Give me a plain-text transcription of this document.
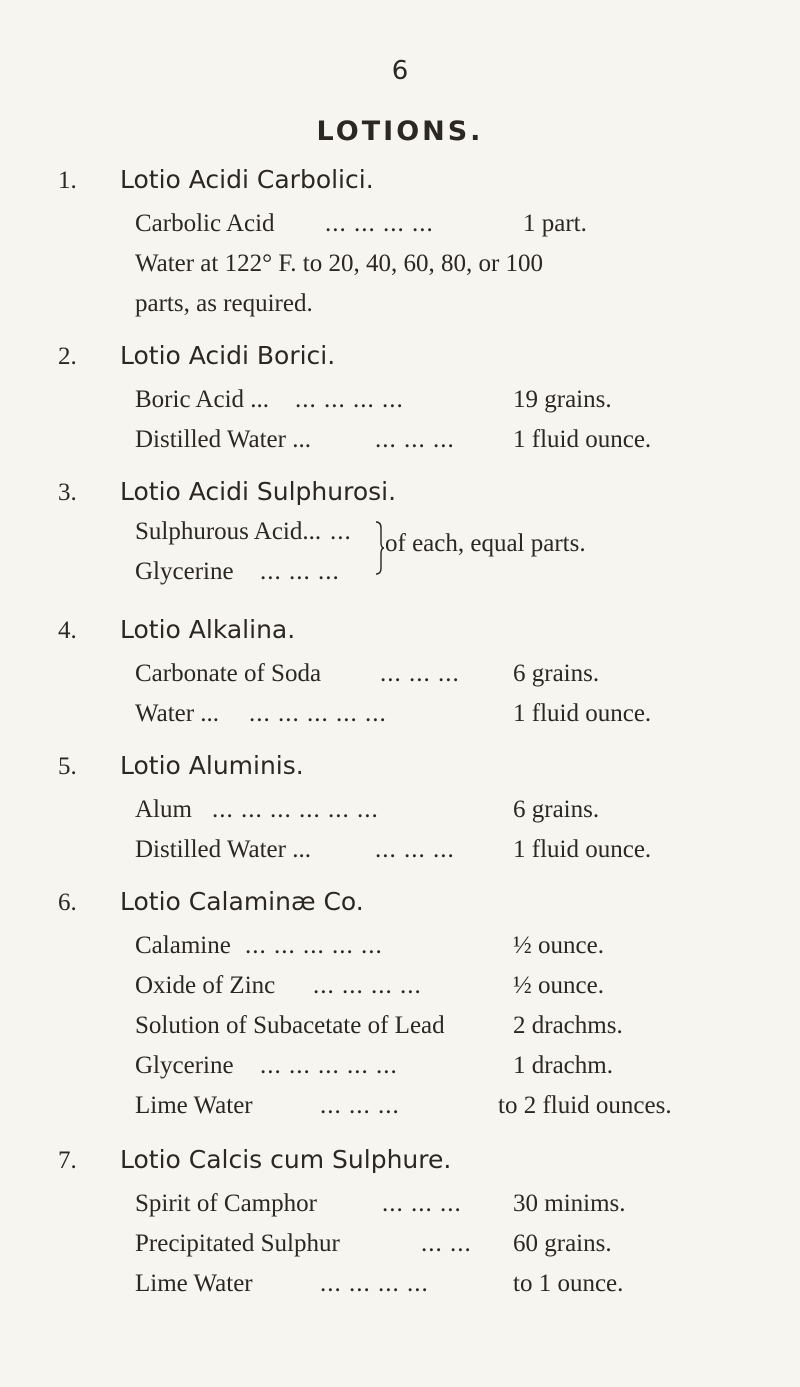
6
LOTIONS.
1. Lotio Acidi Carbolici.
Carbolic Acid ... ... ... ...	1 part.
Water at 122° F. to 20, 40, 60, 80, or 100
parts, as required.
2. Lotio Acidi Borici.
Boric Acid ... ... ... ... ...	19 grains.
Distilled Water ...	... ... ... 1 fluid ounce.
3. Lotio Acidi Sulphurosi.
Sulphurous Acid... ...
Glycerine ... ... ...
of each, equal parts.
4. Lotio Alkalina.
Carbonate of Soda ... ... ... 6 grains.
Water ... ... ... ... ... ...	1 fluid ounce.
5. Lotio Aluminis.
Alum ... ... ... ... ... ...	6 grains.
Distilled Water ...	... ... ... 1 fluid ounce.
6. Lotio Calaminæ Co.
Calamine ... ... ... ... ...	½ ounce.
Oxide of Zinc ... ... ... ...	½ ounce.
Solution of Subacetate of Lead	2 drachms.
Glycerine ... ... ... ... ...	1 drachm.
Lime Water	... ... ...	to 2 fluid ounces.
7. Lotio Calcis cum Sulphure.
Spirit of Camphor	... ... ... 30 minims.
Precipitated Sulphur	... ... 60 grains.
Lime Water	... ... ... ...	to 1 ounce.
